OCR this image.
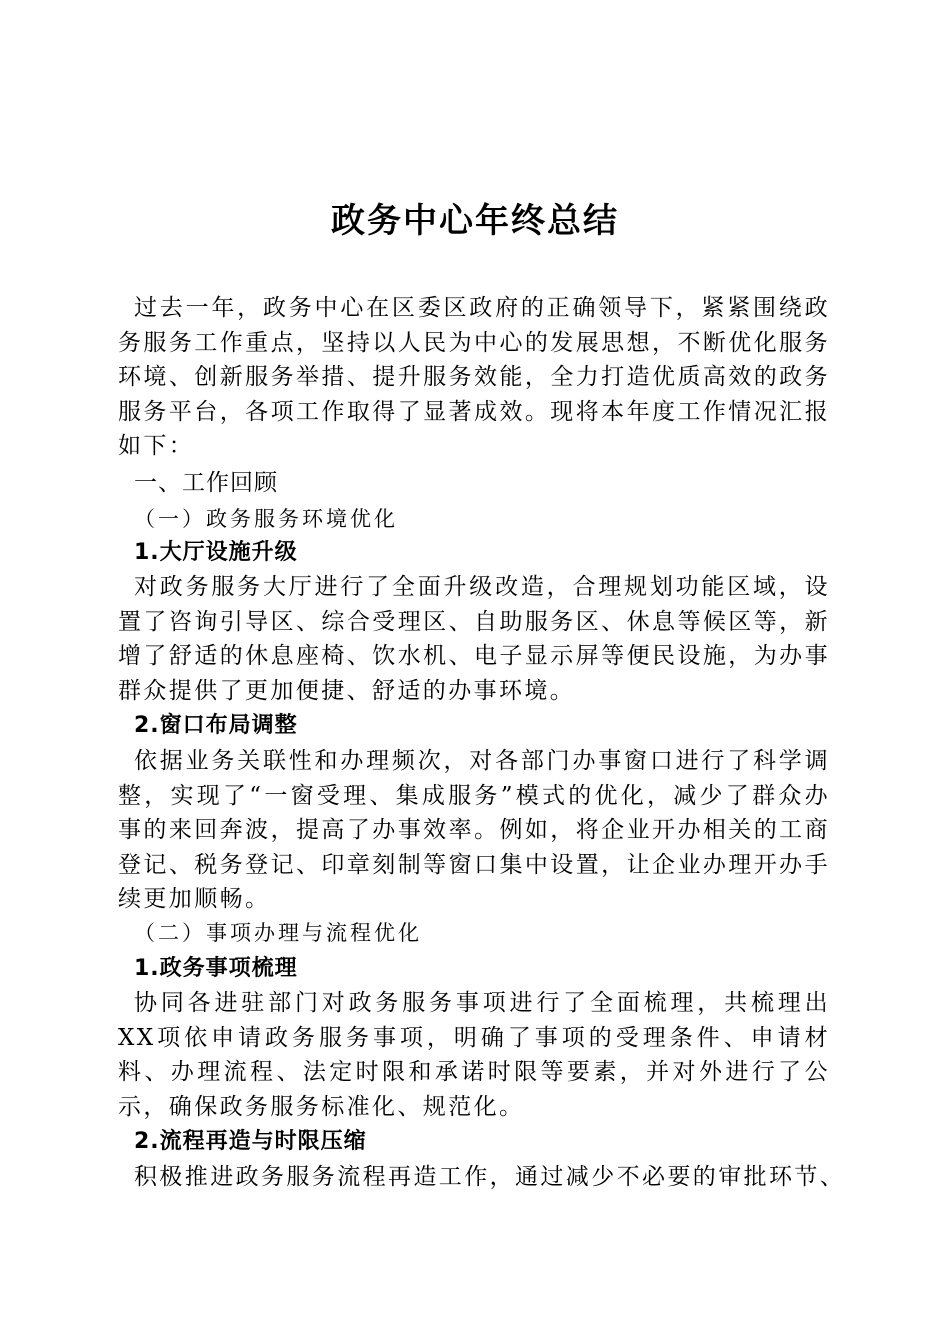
政务中心年终总结
过去一年，政务中心在区委区政府的正确领导下，紧紧围绕政务服务工作重点，坚持以人民为中心的发展思想，不断优化服务环境、创新服务举措、提升服务效能，全力打造优质高效的政务服务平台，各项工作取得了显著成效。现将本年度工作情况汇报如下：
一、工作回顾
（一）政务服务环境优化
1.大厅设施升级
对政务服务大厅进行了全面升级改造，合理规划功能区域，设置了咨询引导区、综合受理区、自助服务区、休息等候区等，新增了舒适的休息座椅、饮水机、电子显示屏等便民设施，为办事群众提供了更加便捷、舒适的办事环境。
2.窗口布局调整
依据业务关联性和办理频次，对各部门办事窗口进行了科学调整，实现了“一窗受理、集成服务”模式的优化，减少了群众办事的来回奔波，提高了办事效率。例如，将企业开办相关的工商登记、税务登记、印章刻制等窗口集中设置，让企业办理开办手续更加顺畅。
（二）事项办理与流程优化
1.政务事项梳理
协同各进驻部门对政务服务事项进行了全面梳理，共梳理出XX项依申请政务服务事项，明确了事项的受理条件、申请材料、办理流程、法定时限和承诺时限等要素，并对外进行了公示，确保政务服务标准化、规范化。
2.流程再造与时限压缩
积极推进政务服务流程再造工作，通过减少不必要的审批环节、
